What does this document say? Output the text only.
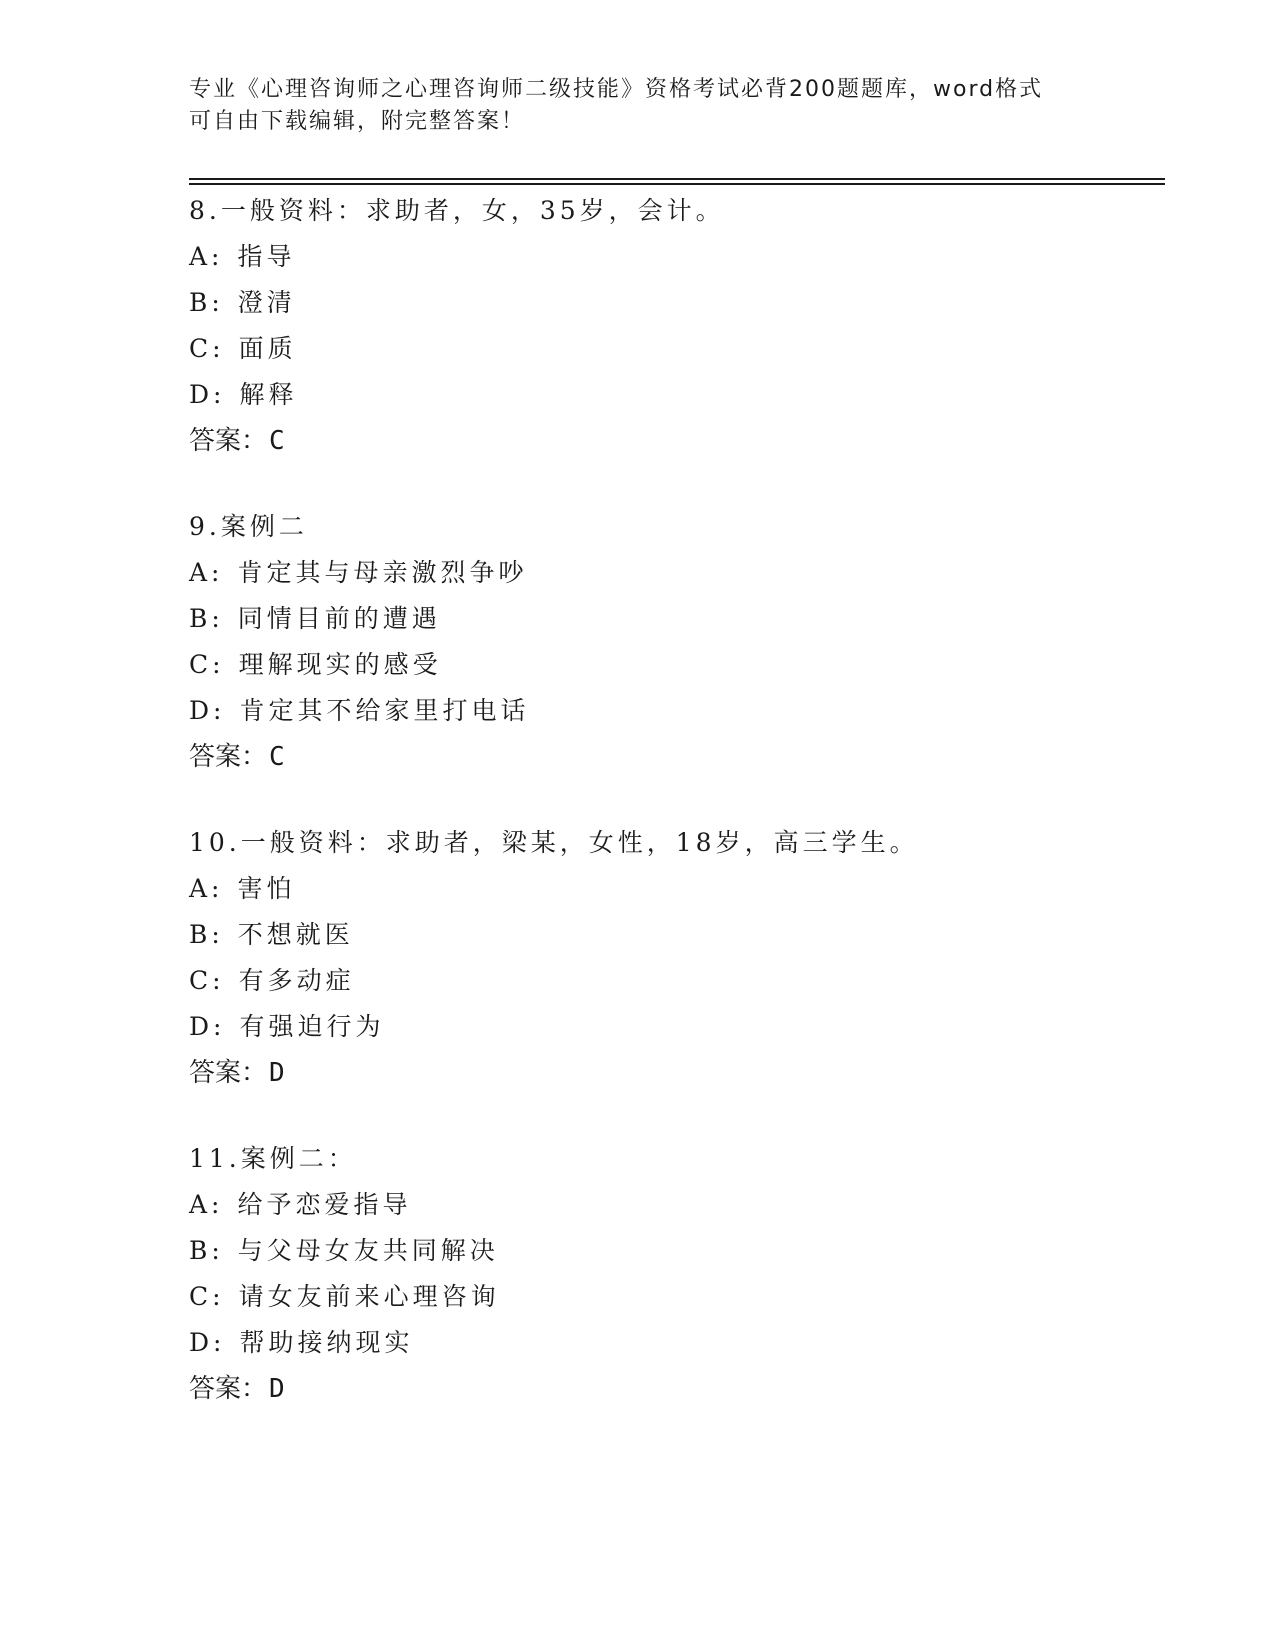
专业《心理咨询师之心理咨询师二级技能》资格考试必背200题题库，word格式
可自由下载编辑，附完整答案！
8.一般资料：求助者，女，35岁，会计。
A: 指导
B: 澄清
C: 面质
D: 解释
答案：C
9.案例二
A: 肯定其与母亲激烈争吵
B: 同情目前的遭遇
C: 理解现实的感受
D: 肯定其不给家里打电话
答案：C
10.一般资料：求助者，梁某，女性，18岁，高三学生。
A: 害怕
B: 不想就医
C: 有多动症
D: 有强迫行为
答案：D
11.案例二：
A: 给予恋爱指导
B: 与父母女友共同解决
C: 请女友前来心理咨询
D: 帮助接纳现实
答案：D
